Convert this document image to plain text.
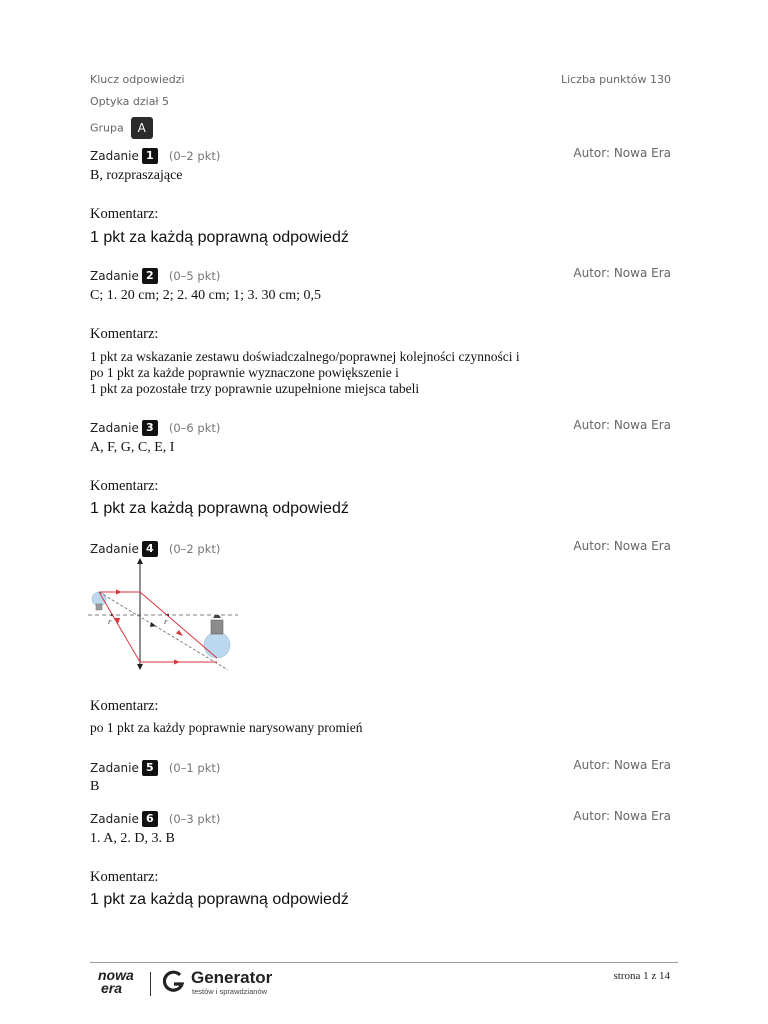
Klucz odpowiedzi	Liczba punktów 130
Optyka dział 5
Grupa A
Zadanie 1 (0–2 pkt)	Autor: Nowa Era
B, rozpraszające
Komentarz:
1 pkt za każdą poprawną odpowiedź
Zadanie 2 (0–5 pkt)	Autor: Nowa Era
C; 1. 20 cm; 2; 2. 40 cm; 1; 3. 30 cm; 0,5
Komentarz:
1 pkt za wskazanie zestawu doświadczalnego/poprawnej kolejności czynności i
po 1 pkt za każde poprawnie wyznaczone powiększenie i
1 pkt za pozostałe trzy poprawnie uzupełnione miejsca tabeli
Zadanie 3 (0–6 pkt)	Autor: Nowa Era
A, F, G, C, E, I
Komentarz:
1 pkt za każdą poprawną odpowiedź
Zadanie 4 (0–2 pkt)	Autor: Nowa Era
F	F
Komentarz:
po 1 pkt za każdy poprawnie narysowany promień
Zadanie 5 (0–1 pkt)	Autor: Nowa Era
B
Zadanie 6 (0–3 pkt)	Autor: Nowa Era
1. A, 2. D, 3. B
Komentarz:
1 pkt za każdą poprawną odpowiedź
nowa
era
Generator
testów i sprawdzianów
strona 1 z 14
